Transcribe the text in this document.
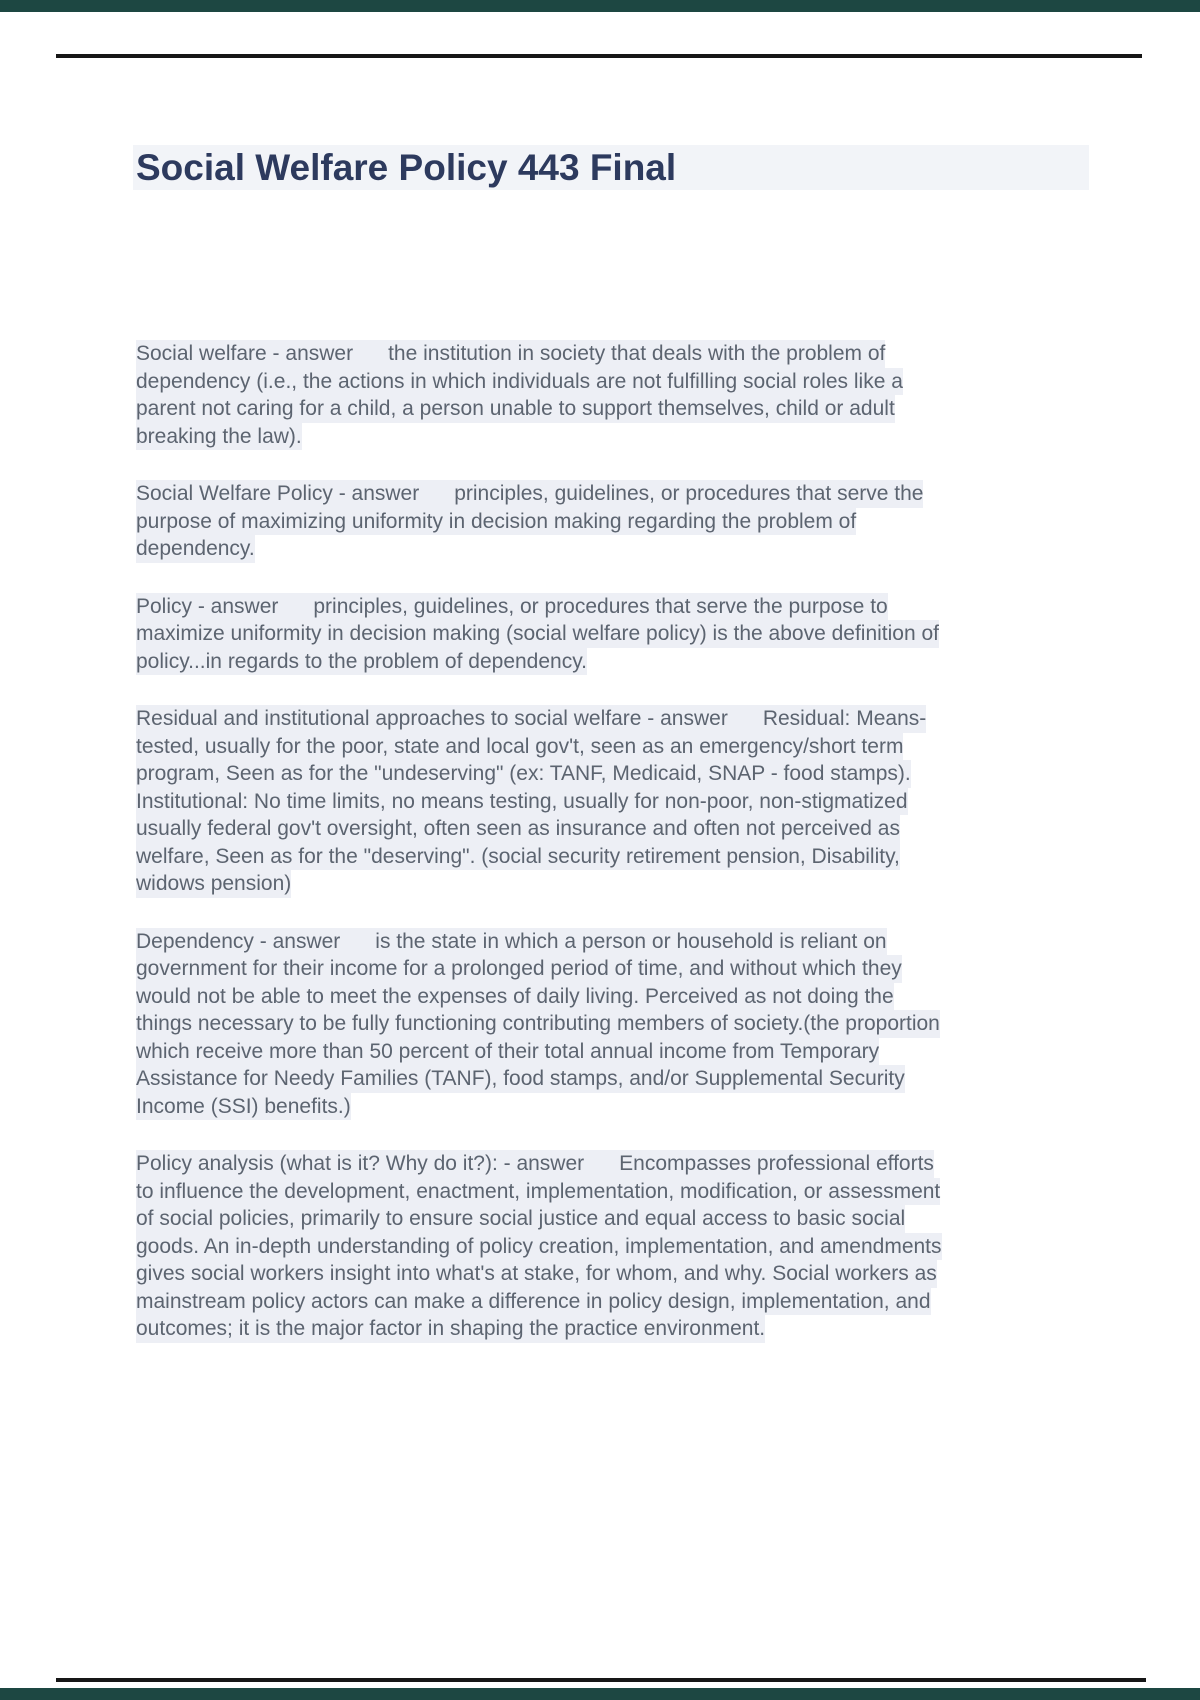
Social Welfare Policy 443 Final
Social welfare - answer      the institution in society that deals with the problem of
dependency (i.e., the actions in which individuals are not fulfilling social roles like a
parent not caring for a child, a person unable to support themselves, child or adult
breaking the law).
Social Welfare Policy - answer      principles, guidelines, or procedures that serve the
purpose of maximizing uniformity in decision making regarding the problem of
dependency.
Policy - answer      principles, guidelines, or procedures that serve the purpose to
maximize uniformity in decision making (social welfare policy) is the above definition of
policy...in regards to the problem of dependency.
Residual and institutional approaches to social welfare - answer      Residual: Means-
tested, usually for the poor, state and local gov't, seen as an emergency/short term
program, Seen as for the "undeserving" (ex: TANF, Medicaid, SNAP - food stamps).
Institutional: No time limits, no means testing, usually for non-poor, non-stigmatized
usually federal gov't oversight, often seen as insurance and often not perceived as
welfare, Seen as for the "deserving". (social security retirement pension, Disability,
widows pension)
Dependency - answer      is the state in which a person or household is reliant on
government for their income for a prolonged period of time, and without which they
would not be able to meet the expenses of daily living. Perceived as not doing the
things necessary to be fully functioning contributing members of society.(the proportion
which receive more than 50 percent of their total annual income from Temporary
Assistance for Needy Families (TANF), food stamps, and/or Supplemental Security
Income (SSI) benefits.)
Policy analysis (what is it? Why do it?): - answer      Encompasses professional efforts
to influence the development, enactment, implementation, modification, or assessment
of social policies, primarily to ensure social justice and equal access to basic social
goods. An in-depth understanding of policy creation, implementation, and amendments
gives social workers insight into what's at stake, for whom, and why. Social workers as
mainstream policy actors can make a difference in policy design, implementation, and
outcomes; it is the major factor in shaping the practice environment.
